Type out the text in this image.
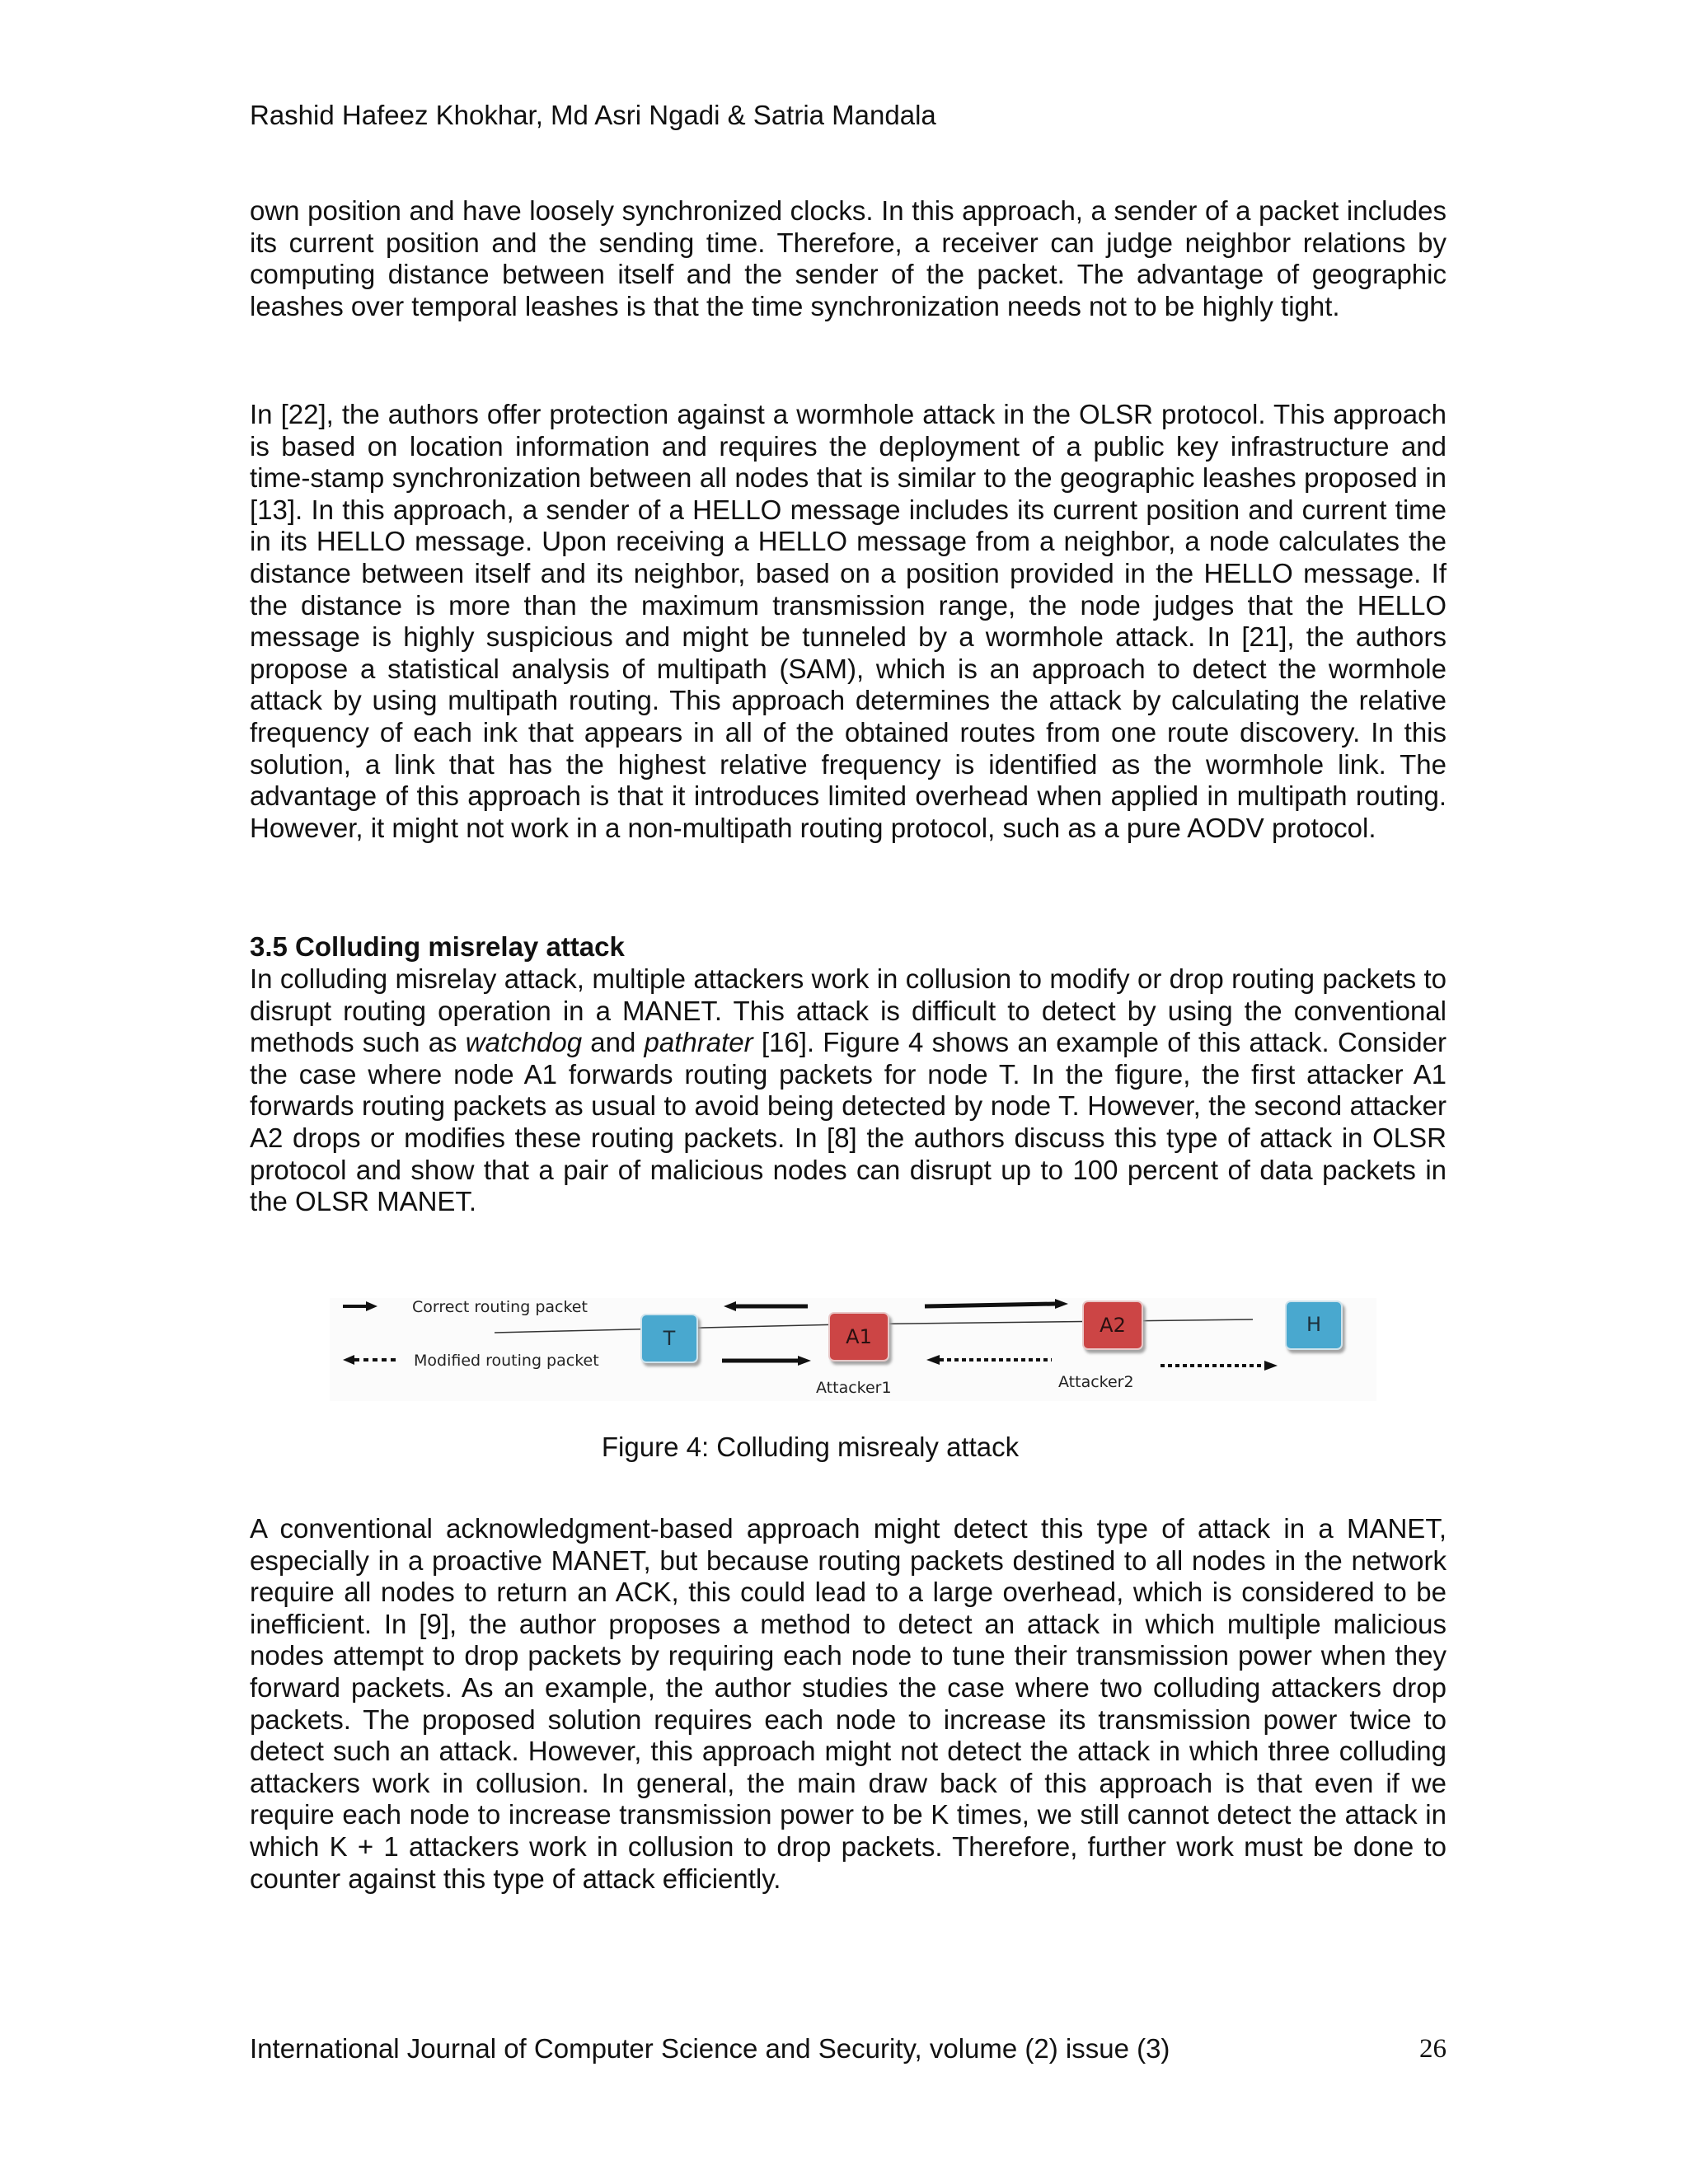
Rashid Hafeez Khokhar, Md Asri Ngadi & Satria Mandala

own position and have loosely synchronized clocks. In this approach, a sender of a packet includes its current position and the sending time. Therefore, a receiver can judge neighbor relations by computing distance between itself and the sender of the packet. The advantage of geographic leashes over temporal leashes is that the time synchronization needs not to be highly tight.

In [22], the authors offer protection against a wormhole attack in the OLSR protocol. This approach is based on location information and requires the deployment of a public key infrastructure and time-stamp synchronization between all nodes that is similar to the geographic leashes proposed in [13]. In this approach, a sender of a HELLO message includes its current position and current time in its HELLO message. Upon receiving a HELLO message from a neighbor, a node calculates the distance between itself and its neighbor, based on a position provided in the HELLO message. If the distance is more than the maximum transmission range, the node judges that the HELLO message is highly suspicious and might be tunneled by a wormhole attack. In [21], the authors propose a statistical analysis of multipath (SAM), which is an approach to detect the wormhole attack by using multipath routing. This approach determines the attack by calculating the relative frequency of each ink that appears in all of the obtained routes from one route discovery. In this solution, a link that has the highest relative frequency is identified as the wormhole link. The advantage of this approach is that it introduces limited overhead when applied in multipath routing. However, it might not work in a non-multipath routing protocol, such as a pure AODV protocol.

3.5 Colluding misrelay attack

In colluding misrelay attack, multiple attackers work in collusion to modify or drop routing packets to disrupt routing operation in a MANET. This attack is difficult to detect by using the conventional methods such as watchdog and pathrater [16]. Figure 4 shows an example of this attack. Consider the case where node A1 forwards routing packets for node T. In the figure, the first attacker A1 forwards routing packets as usual to avoid being detected by node T. However, the second attacker A2 drops or modifies these routing packets. In [8] the authors discuss this type of attack in OLSR protocol and show that a pair of malicious nodes can disrupt up to 100 percent of data packets in the OLSR MANET.

Correct routing packet
Modified routing packet
T	A1	A2	H
Attacker1	Attacker2
Figure 4: Colluding misrealy attack

A conventional acknowledgment-based approach might detect this type of attack in a MANET, especially in a proactive MANET, but because routing packets destined to all nodes in the network require all nodes to return an ACK, this could lead to a large overhead, which is considered to be inefficient. In [9], the author proposes a method to detect an attack in which multiple malicious nodes attempt to drop packets by requiring each node to tune their transmission power when they forward packets. As an example, the author studies the case where two colluding attackers drop packets. The proposed solution requires each node to increase its transmission power twice to detect such an attack. However, this approach might not detect the attack in which three colluding attackers work in collusion. In general, the main draw back of this approach is that even if we require each node to increase transmission power to be K times, we still cannot detect the attack in which K + 1 attackers work in collusion to drop packets. Therefore, further work must be done to counter against this type of attack efficiently.

International Journal of Computer Science and Security, volume (2) issue (3)	26
